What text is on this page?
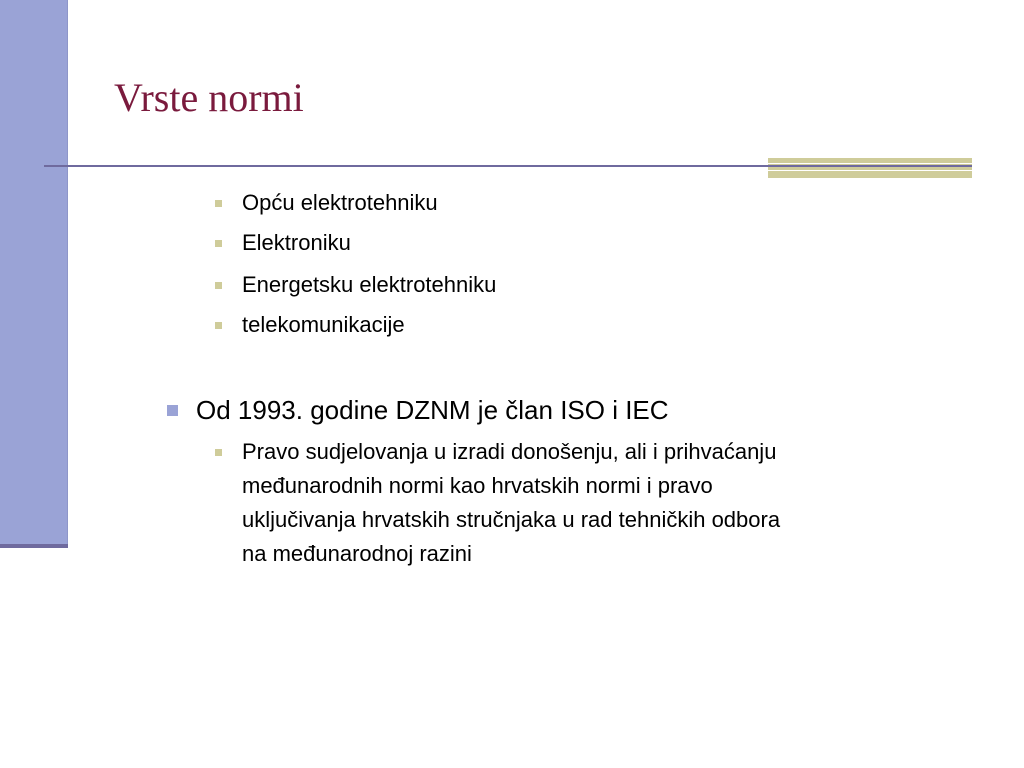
Vrste normi
Opću elektrotehniku
Elektroniku
Energetsku elektrotehniku
telekomunikacije
Od 1993. godine DZNM je član ISO i IEC
Pravo sudjelovanja u izradi donošenju, ali i prihvaćanju
međunarodnih normi kao hrvatskih normi i pravo
uključivanja hrvatskih stručnjaka u rad tehničkih odbora
na međunarodnoj razini
